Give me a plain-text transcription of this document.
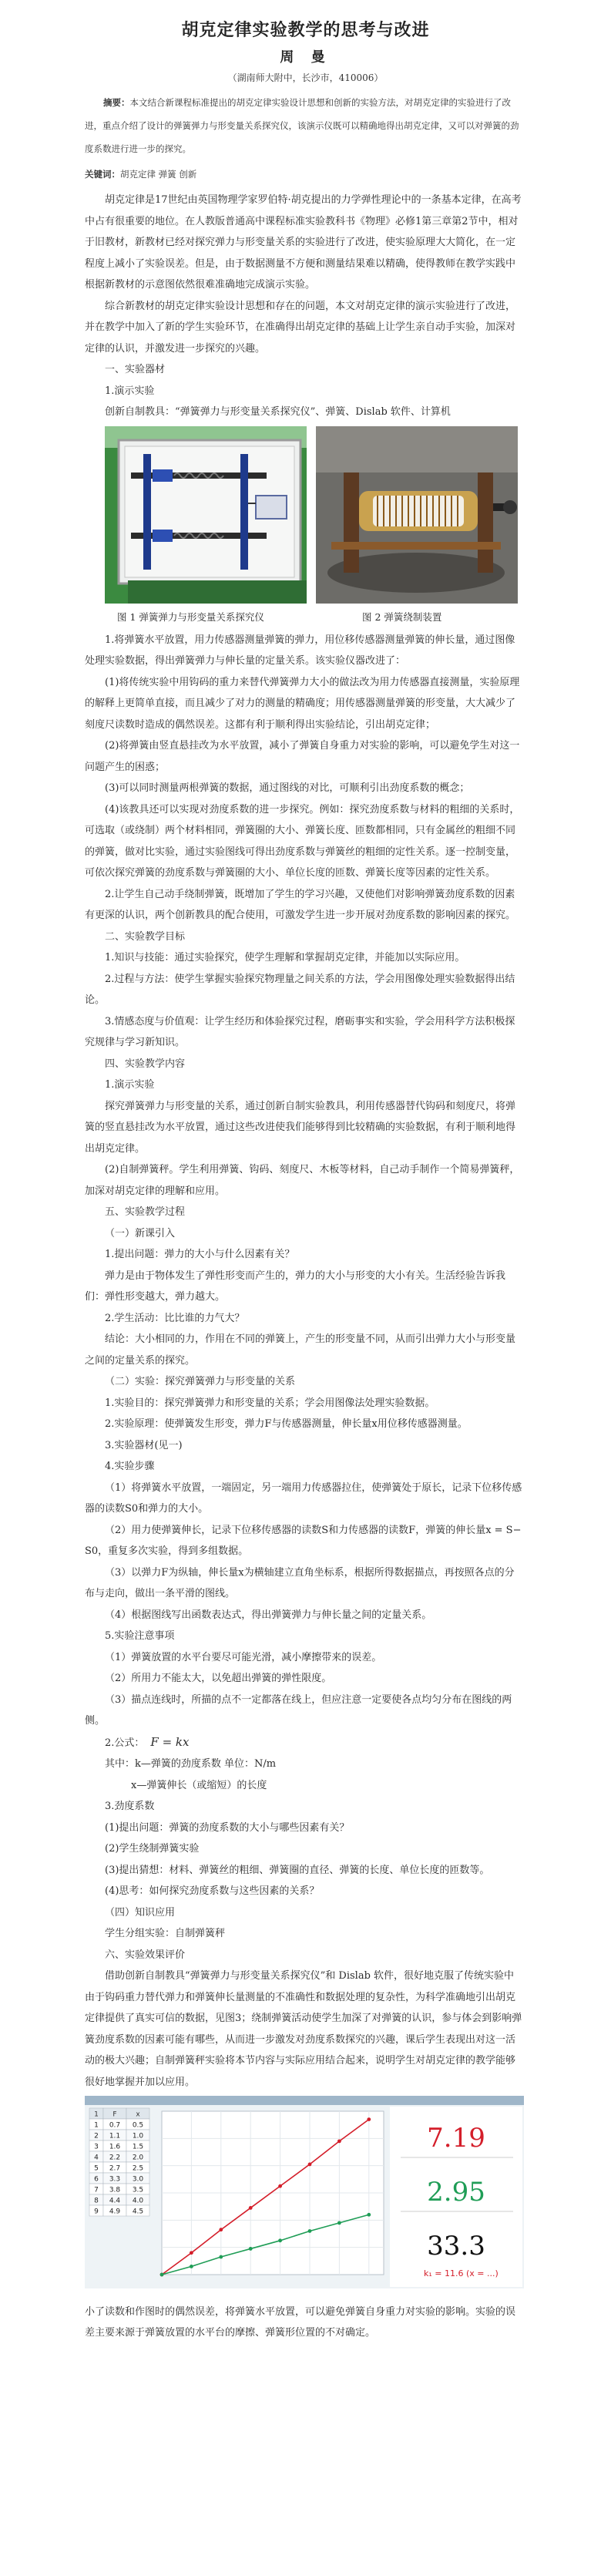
胡克定律实验教学的思考与改进
周 曼
（湖南师大附中，长沙市，410006）
摘要：本文结合新课程标准提出的胡克定律实验设计思想和创新的实验方法，对胡克定律的实验进行了改进，重点介绍了设计的弹簧弹力与形变量关系探究仪，该演示仪既可以精确地得出胡克定律，又可以对弹簧的劲度系数进行进一步的探究。
关键词：胡克定律 弹簧 创新

胡克定律是17世纪由英国物理学家罗伯特·胡克提出的力学弹性理论中的一条基本定律，在高考中占有很重要的地位。在人教版普通高中课程标准实验教科书《物理》必修1第三章第2节中，相对于旧教材，新教材已经对探究弹力与形变量关系的实验进行了改进，使实验原理大大简化，在一定程度上减小了实验误差。但是，由于数据测量不方便和测量结果难以精确，使得教师在教学实践中根据新教材的示意图依然很难准确地完成演示实验。

综合新教材的胡克定律实验设计思想和存在的问题，本文对胡克定律的演示实验进行了改进，并在教学中加入了新的学生实验环节，在准确得出胡克定律的基础上让学生亲自动手实验，加深对定律的认识，并激发进一步探究的兴趣。

一、实验器材

1.演示实验

创新自制教具：“弹簧弹力与形变量关系探究仪”、弹簧、Dislab 软件、计算机

图 1 弹簧弹力与形变量关系探究仪	图 2 弹簧绕制装置

1.将弹簧水平放置，用力传感器测量弹簧的弹力，用位移传感器测量弹簧的伸长量，通过图像处理实验数据，得出弹簧弹力与伸长量的定量关系。该实验仪器改进了：

(1)将传统实验中用钩码的重力来替代弹簧弹力大小的做法改为用力传感器直接测量，实验原理的解释上更简单直接，而且减少了对力的测量的精确度；用传感器测量弹簧的形变量，大大减少了刻度尺读数时造成的偶然误差。这都有利于顺利得出实验结论，引出胡克定律；

(2)将弹簧由竖直悬挂改为水平放置，减小了弹簧自身重力对实验的影响，可以避免学生对这一问题产生的困惑；

(3)可以同时测量两根弹簧的数据，通过图线的对比，可顺利引出劲度系数的概念；

(4)该教具还可以实现对劲度系数的进一步探究。例如：探究劲度系数与材料的粗细的关系时，可选取（或绕制）两个材料相同，弹簧圈的大小、弹簧长度、匝数都相同，只有金属丝的粗细不同的弹簧，做对比实验，通过实验图线可得出劲度系数与弹簧丝的粗细的定性关系。逐一控制变量，可依次探究弹簧的劲度系数与弹簧圈的大小、单位长度的匝数、弹簧长度等因素的定性关系。

2.让学生自己动手绕制弹簧，既增加了学生的学习兴趣，又使他们对影响弹簧劲度系数的因素有更深的认识，两个创新教具的配合使用，可激发学生进一步开展对劲度系数的影响因素的探究。

二、实验教学目标

1.知识与技能：通过实验探究，使学生理解和掌握胡克定律，并能加以实际应用。

2.过程与方法：使学生掌握实验探究物理量之间关系的方法，学会用图像处理实验数据得出结论。

3.情感态度与价值观：让学生经历和体验探究过程，磨砺事实和实验，学会用科学方法积极探究规律与学习新知识。

四、实验教学内容

1.演示实验

探究弹簧弹力与形变量的关系，通过创新自制实验教具，利用传感器替代钩码和刻度尺，将弹簧的竖直悬挂改为水平放置，通过这些改进使我们能够得到比较精确的实验数据，有利于顺利地得出胡克定律。

(2)自制弹簧秤。学生利用弹簧、钩码、刻度尺、木板等材料，自己动手制作一个简易弹簧秤，加深对胡克定律的理解和应用。

五、实验教学过程

（一）新课引入

1.提出问题：弹力的大小与什么因素有关？

弹力是由于物体发生了弹性形变而产生的，弹力的大小与形变的大小有关。生活经验告诉我们：弹性形变越大，弹力越大。

2.学生活动：比比谁的力气大？

结论：大小相同的力，作用在不同的弹簧上，产生的形变量不同，从而引出弹力大小与形变量之间的定量关系的探究。

（二）实验：探究弹簧弹力与形变量的关系

1.实验目的：探究弹簧弹力和形变量的关系；学会用图像法处理实验数据。

2.实验原理：使弹簧发生形变，弹力F与传感器测量，伸长量x用位移传感器测量。

3.实验器材(见一)

4.实验步骤

（1）将弹簧水平放置，一端固定，另一端用力传感器拉住，使弹簧处于原长，记录下位移传感器的读数S0和弹力的大小。

（2）用力使弹簧伸长，记录下位移传感器的读数S和力传感器的读数F，弹簧的伸长量x = S− S0，重复多次实验，得到多组数据。

（3）以弹力F为纵轴，伸长量x为横轴建立直角坐标系，根据所得数据描点，再按照各点的分布与走向，做出一条平滑的图线。

（4）根据图线写出函数表达式，得出弹簧弹力与伸长量之间的定量关系。

5.实验注意事项

（1）弹簧放置的水平台要尽可能光滑，减小摩擦带来的误差。

（2）所用力不能太大，以免超出弹簧的弹性限度。

（3）描点连线时，所描的点不一定都落在线上，但应注意一定要使各点均匀分布在图线的两侧。

2.公式： F = kx

其中：k—弹簧的劲度系数 单位：N/m

x—弹簧伸长（或缩短）的长度

3.劲度系数

(1)提出问题：弹簧的劲度系数的大小与哪些因素有关？

(2)学生绕制弹簧实验

(3)提出猜想：材料、弹簧丝的粗细、弹簧圈的直径、弹簧的长度、单位长度的匝数等。

(4)思考：如何探究劲度系数与这些因素的关系？

（四）知识应用

学生分组实验：自制弹簧秤

六、实验效果评价

借助创新自制教具“弹簧弹力与形变量关系探究仪”和 Dislab 软件，很好地克服了传统实验中由于钩码重力替代弹力和弹簧伸长量测量的不准确性和数据处理的复杂性，为科学准确地引出胡克定律提供了真实可信的数据，见图3；绕制弹簧活动使学生加深了对弹簧的认识，参与体会到影响弹簧劲度系数的因素可能有哪些，从而进一步激发对劲度系数探究的兴趣，课后学生表现出对这一活动的极大兴趣；自制弹簧秤实验将本节内容与实际应用结合起来，说明学生对胡克定律的教学能够很好地掌握并加以应用。

1 F	x
1 0.7 0.5
2 1.1 1.0
3 1.6 1.5
4 2.2 2.0
5 2.7 2.5
6 3.3 3.0
7 3.8 3.5
8 4.4 4.0
9 4.9 4.5
7.19
2.95
33.3
k₁ = 11.6 (x = ...)

小了读数和作图时的偶然误差，将弹簧水平放置，可以避免弹簧自身重力对实验的影响。实验的误差主要来源于弹簧放置的水平台的摩擦、弹簧形位置的不对确定。
